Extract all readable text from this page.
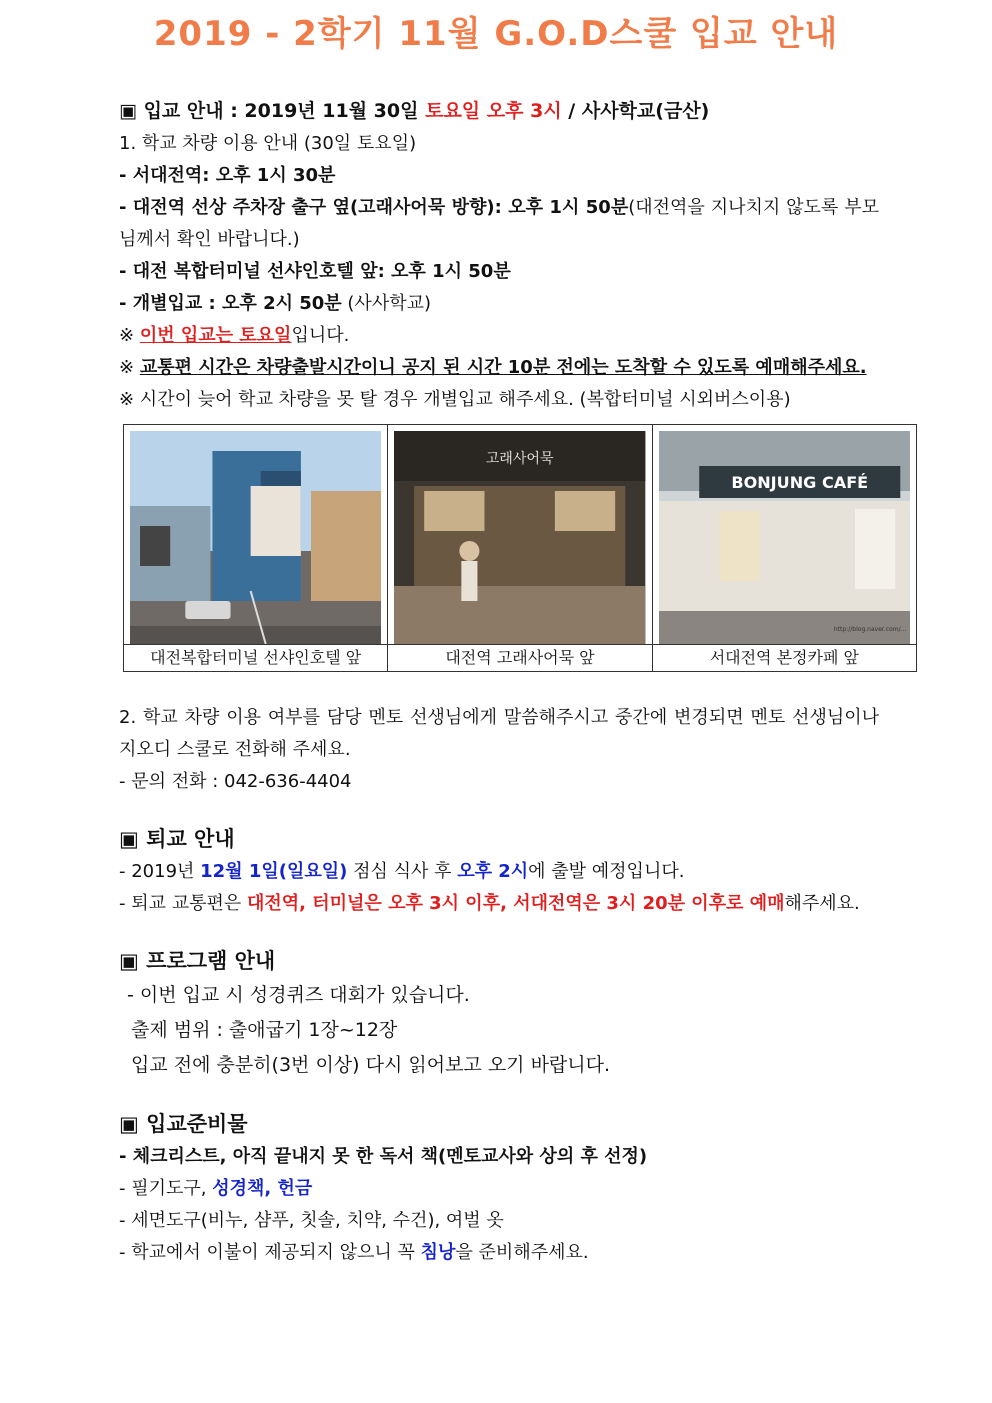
2019 - 2학기 11월 G.O.D스쿨 입교 안내
▣ 입교 안내 : 2019년 11월 30일 토요일 오후 3시 / 사사학교(금산)
1. 학교 차량 이용 안내 (30일 토요일)
- 서대전역: 오후 1시 30분
- 대전역 선상 주차장 출구 옆(고래사어묵 방향): 오후 1시 50분(대전역을 지나치지 않도록 부모님께서 확인 바랍니다.)
- 대전 복합터미널 선샤인호텔 앞: 오후 1시 50분
- 개별입교 : 오후 2시 50분 (사사학교)
※ 이번 입교는 토요일입니다.
※ 교통편 시간은 차량출발시간이니 공지 된 시간 10분 전에는 도착할 수 있도록 예매해주세요.
※ 시간이 늦어 학교 차량을 못 탈 경우 개별입교 해주세요. (복합터미널 시외버스이용)

고래사어묵	BONJUNG CAFÉ
http://blog.naver.com/...

대전복합터미널 선샤인호텔 앞	대전역 고래사어묵 앞	서대전역 본정카페 앞
2. 학교 차량 이용 여부를 담당 멘토 선생님에게 말씀해주시고 중간에 변경되면 멘토 선생님이나 지오디 스쿨로 전화해 주세요.
- 문의 전화 : 042-636-4404
▣ 퇴교 안내
- 2019년 12월 1일(일요일) 점심 식사 후 오후 2시에 출발 예정입니다.
- 퇴교 교통편은 대전역, 터미널은 오후 3시 이후, 서대전역은 3시 20분 이후로 예매해주세요.
▣ 프로그램 안내
- 이번 입교 시 성경퀴즈 대회가 있습니다.
출제 범위 : 출애굽기 1장~12장
입교 전에 충분히(3번 이상) 다시 읽어보고 오기 바랍니다.
▣ 입교준비물
- 체크리스트, 아직 끝내지 못 한 독서 책(멘토교사와 상의 후 선정)
- 필기도구, 성경책, 헌금
- 세면도구(비누, 샴푸, 칫솔, 치약, 수건), 여벌 옷
- 학교에서 이불이 제공되지 않으니 꼭 침낭을 준비해주세요.
